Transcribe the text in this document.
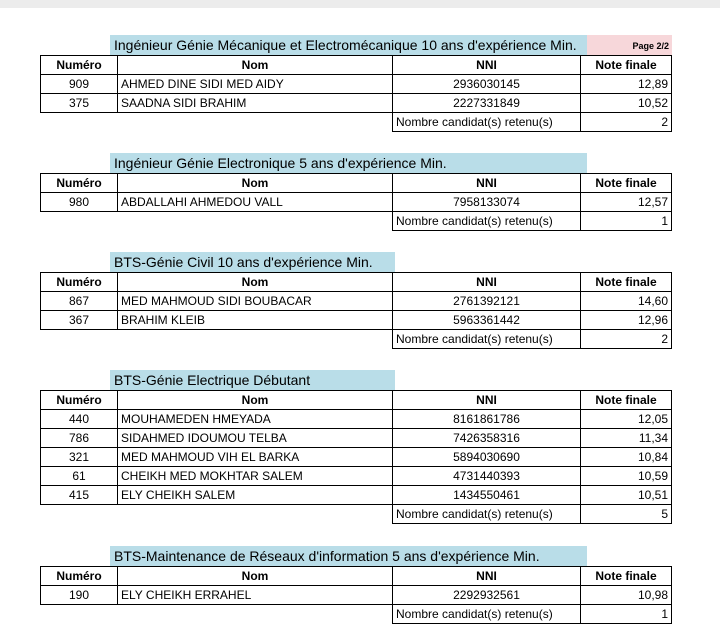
Ingénieur Génie Mécanique et Electromécanique 10 ans d'expérience Min.	Page 2/2
Numéro	Nom	NNI	Note finale
909	AHMED DINE SIDI MED AIDY	2936030145	12,89
375	SAADNA SIDI BRAHIM	2227331849	10,52
		Nombre candidat(s) retenu(s)	2
Ingénieur Génie Electronique 5 ans d'expérience Min.
Numéro	Nom	NNI	Note finale
980	ABDALLAHI AHMEDOU VALL	7958133074	12,57
		Nombre candidat(s) retenu(s)	1
BTS-Génie Civil 10 ans d'expérience Min.
Numéro	Nom	NNI	Note finale
867	MED MAHMOUD SIDI BOUBACAR	2761392121	14,60
367	BRAHIM KLEIB	5963361442	12,96
		Nombre candidat(s) retenu(s)	2
BTS-Génie Electrique Débutant
Numéro	Nom	NNI	Note finale
440	MOUHAMEDEN HMEYADA	8161861786	12,05
786	SIDAHMED IDOUMOU TELBA	7426358316	11,34
321	MED MAHMOUD VIH EL BARKA	5894030690	10,84
61	CHEIKH MED MOKHTAR SALEM	4731440393	10,59
415	ELY CHEIKH SALEM	1434550461	10,51
		Nombre candidat(s) retenu(s)	5
BTS-Maintenance de Réseaux d'information 5 ans d'expérience Min.
Numéro	Nom	NNI	Note finale
190	ELY CHEIKH ERRAHEL	2292932561	10,98
		Nombre candidat(s) retenu(s)	1
